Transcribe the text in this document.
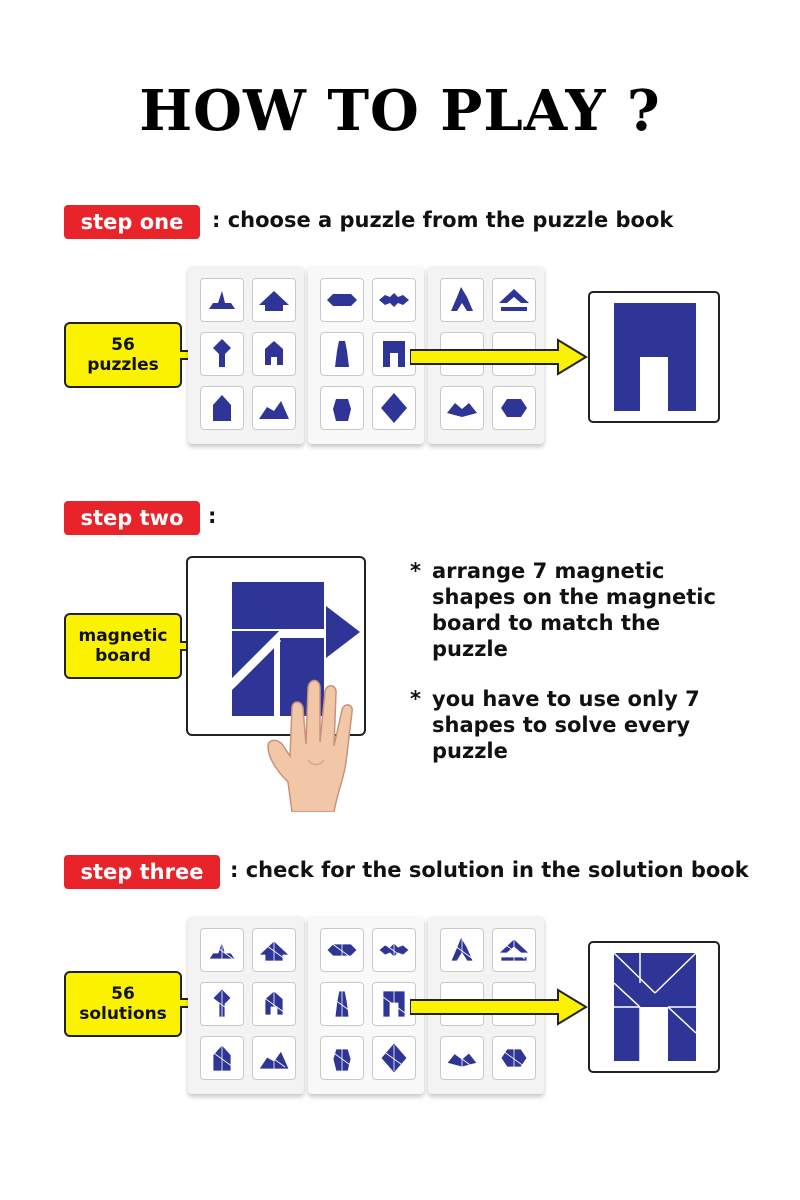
HOW TO PLAY ?
step one	: choose a puzzle from the puzzle book
56
puzzles
step two	:
magnetic
board
* arrange 7 magnetic shapes on the magnetic board to match the puzzle
* you have to use only 7 shapes to solve every puzzle
step three	: check for the solution in the solution book
56
solutions
